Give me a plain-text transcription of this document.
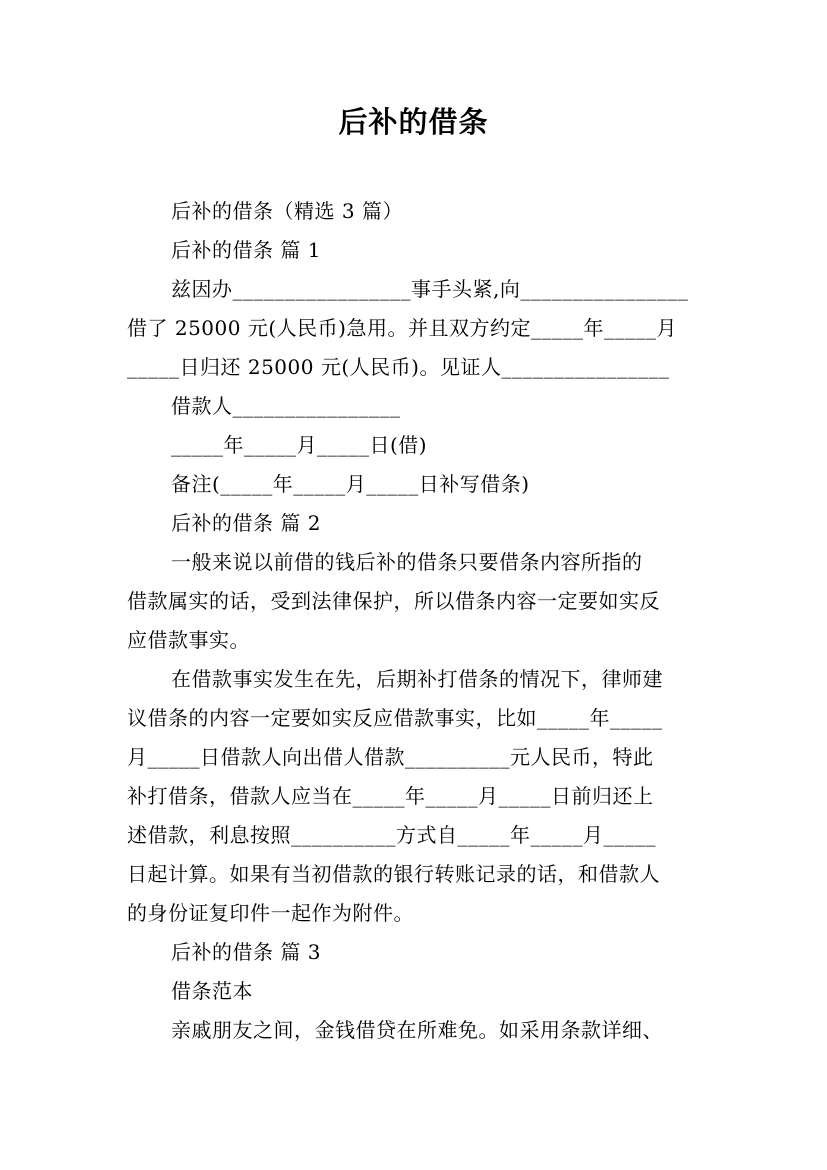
后补的借条
后补的借条（精选 3 篇）
后补的借条 篇 1
兹因办_________________事手头紧,向________________
借了 25000 元(人民币)急用。并且双方约定_____年_____月
_____日归还 25000 元(人民币)。见证人________________
借款人________________
_____年_____月_____日(借)
备注(_____年_____月_____日补写借条)
后补的借条 篇 2
一般来说以前借的钱后补的借条只要借条内容所指的
借款属实的话，受到法律保护，所以借条内容一定要如实反
应借款事实。
在借款事实发生在先，后期补打借条的情况下，律师建
议借条的内容一定要如实反应借款事实，比如_____年_____
月_____日借款人向出借人借款__________元人民币，特此
补打借条，借款人应当在_____年_____月_____日前归还上
述借款，利息按照__________方式自_____年_____月_____
日起计算。如果有当初借款的银行转账记录的话，和借款人
的身份证复印件一起作为附件。
后补的借条 篇 3
借条范本
亲戚朋友之间，金钱借贷在所难免。如采用条款详细、
